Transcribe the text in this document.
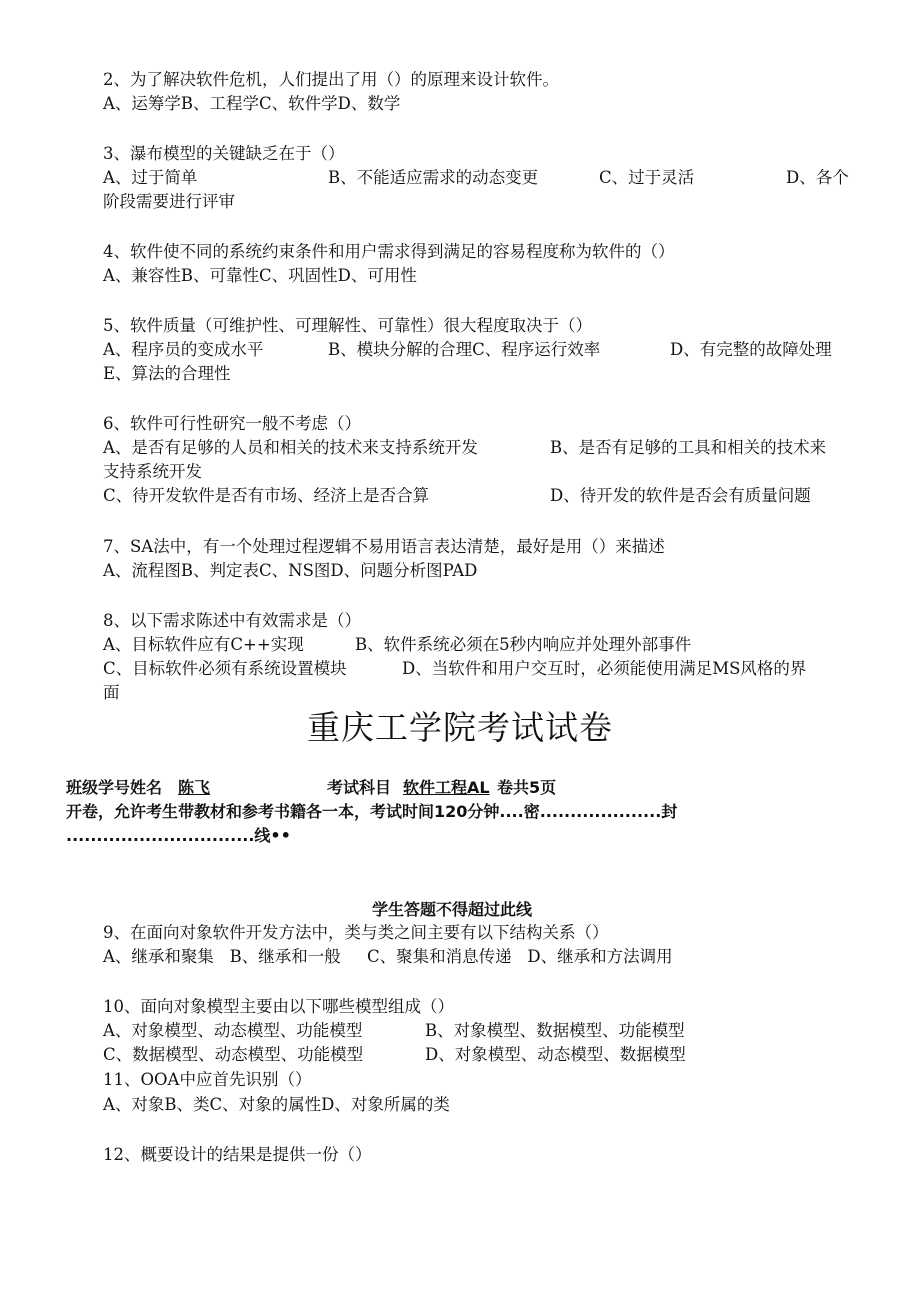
2、为了解决软件危机，人们提出了用（）的原理来设计软件。
A、运筹学B、工程学C、软件学D、数学
3、瀑布模型的关键缺乏在于（）
A、过于简单	B、不能适应需求的动态变更	C、过于灵活	D、各个
阶段需要进行评审
4、软件使不同的系统约束条件和用户需求得到满足的容易程度称为软件的（）
A、兼容性B、可靠性C、巩固性D、可用性
5、软件质量（可维护性、可理解性、可靠性）很大程度取决于（）
A、程序员的变成水平	B、模块分解的合理C、程序运行效率	D、有完整的故障处理
E、算法的合理性
6、软件可行性研究一般不考虑（）
A、是否有足够的人员和相关的技术来支持系统开发	B、是否有足够的工具和相关的技术来
支持系统开发
C、待开发软件是否有市场、经济上是否合算	D、待开发的软件是否会有质量问题
7、SA法中，有一个处理过程逻辑不易用语言表达清楚，最好是用（）来描述
A、流程图B、判定表C、NS图D、问题分析图PAD
8、以下需求陈述中有效需求是（）
A、目标软件应有C++实现	B、软件系统必须在5秒内响应并处理外部事件
C、目标软件必须有系统设置模块	D、当软件和用户交互时，必须能使用满足MS风格的界
面
重庆工学院考试试卷
班级学号姓名 陈飞	考试科目 软件工程AL 卷共5页
开卷，允许考生带教材和参考书籍各一本，考试时间120分钟....密....................封
...............................线••
学生答题不得超过此线
9、在面向对象软件开发方法中，类与类之间主要有以下结构关系（）
A、继承和聚集   B、继承和一般     C、聚集和消息传递   D、继承和方法调用
10、面向对象模型主要由以下哪些模型组成（）
A、对象模型、动态模型、功能模型	B、对象模型、数据模型、功能模型
C、数据模型、动态模型、功能模型	D、对象模型、动态模型、数据模型
11、OOA中应首先识别（）
A、对象B、类C、对象的属性D、对象所属的类
12、概要设计的结果是提供一份（）
